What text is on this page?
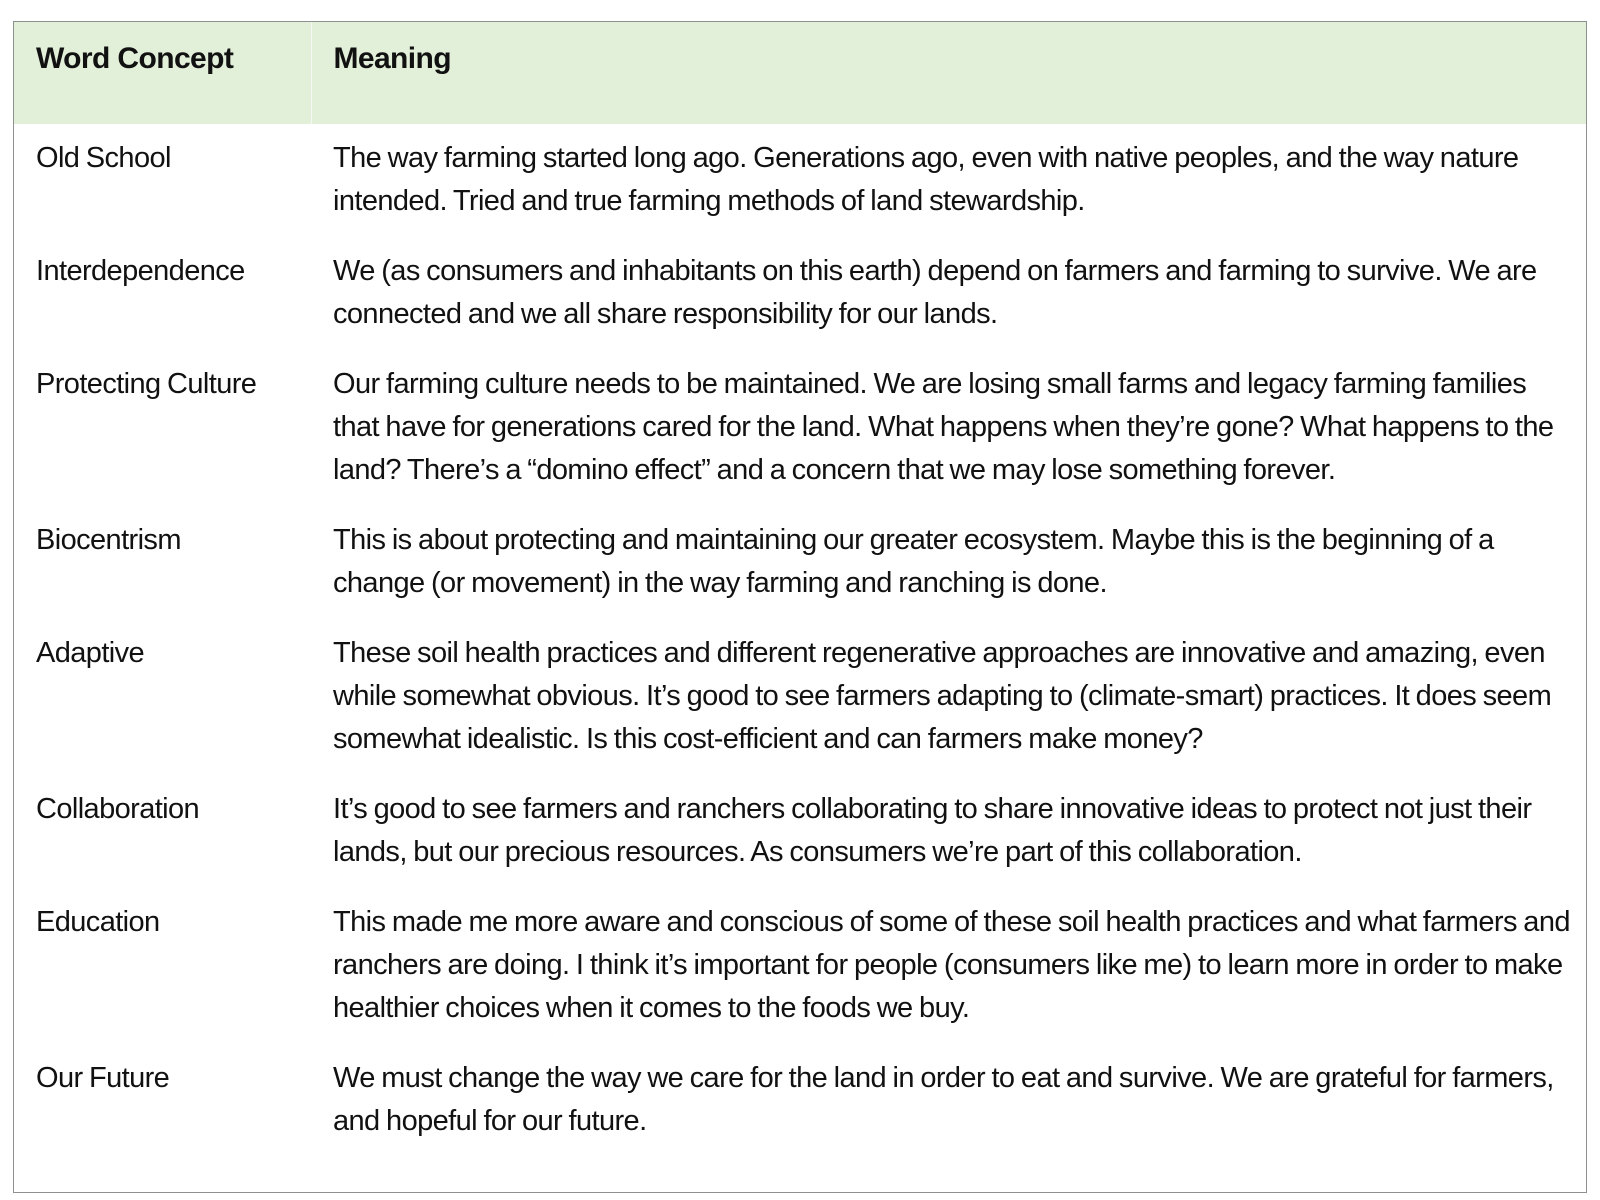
Word Concept	Meaning
Old School	The way farming started long ago. Generations ago, even with native peoples, and the way nature intended. Tried and true farming methods of land stewardship.
Interdependence	We (as consumers and inhabitants on this earth) depend on farmers and farming to survive. We are connected and we all share responsibility for our lands.
Protecting Culture	Our farming culture needs to be maintained. We are losing small farms and legacy farming families that have for generations cared for the land. What happens when they’re gone? What happens to the land? There’s a “domino effect” and a concern that we may lose something forever.
Biocentrism	This is about protecting and maintaining our greater ecosystem. Maybe this is the beginning of a change (or movement) in the way farming and ranching is done.
Adaptive	These soil health practices and different regenerative approaches are innovative and amazing, even while somewhat obvious. It’s good to see farmers adapting to (climate-smart) practices. It does seem somewhat idealistic. Is this cost-efficient and can farmers make money?
Collaboration	It’s good to see farmers and ranchers collaborating to share innovative ideas to protect not just their lands, but our precious resources. As consumers we’re part of this collaboration.
Education	This made me more aware and conscious of some of these soil health practices and what farmers and ranchers are doing. I think it’s important for people (consumers like me) to learn more in order to make healthier choices when it comes to the foods we buy.
Our Future	We must change the way we care for the land in order to eat and survive. We are grateful for farmers, and hopeful for our future.
